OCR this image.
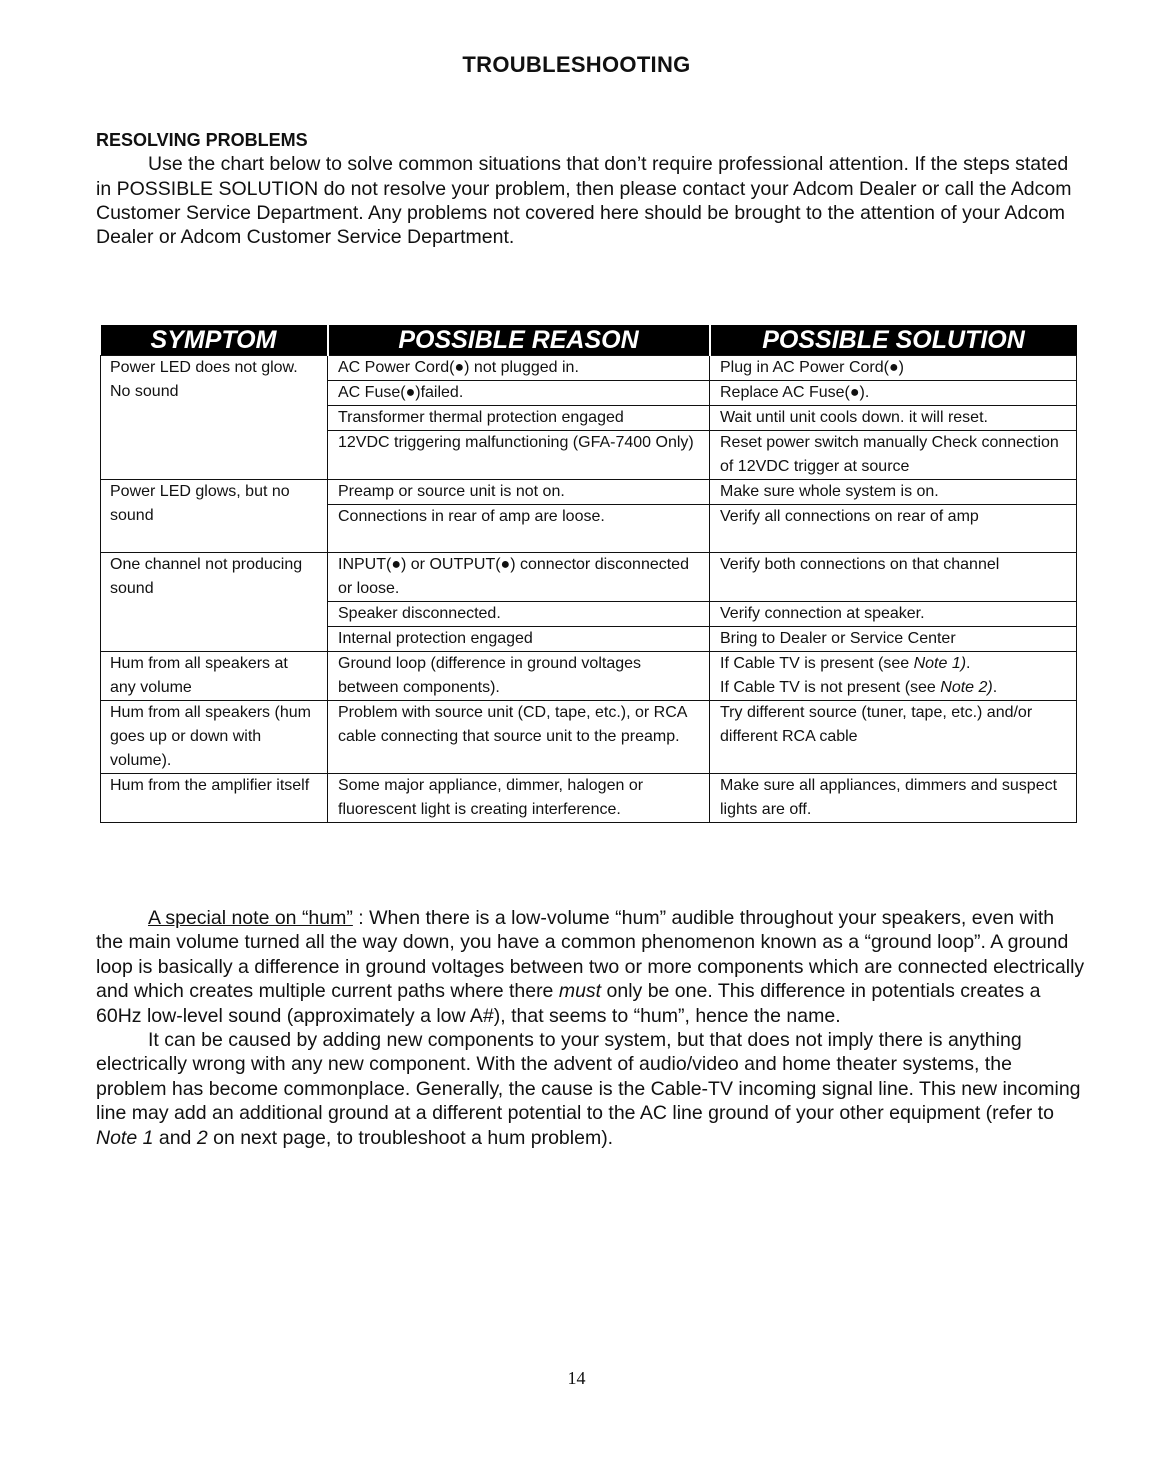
TROUBLESHOOTING
RESOLVING PROBLEMS

Use the chart below to solve common situations that don’t require professional attention. If the steps stated in POSSIBLE SOLUTION do not resolve your problem, then please contact your Adcom Dealer or call the Adcom Customer Service Department. Any problems not covered here should be brought to the attention of your Adcom Dealer or Adcom Customer Service Department.

SYMPTOM	POSSIBLE REASON	POSSIBLE SOLUTION
Power LED does not glow. No sound	AC Power Cord(●) not plugged in.	Plug in AC Power Cord(●)
	AC Fuse(●)failed.	Replace AC Fuse(●).
	Transformer thermal protection engaged	Wait until unit cools down. it will reset.
	12VDC triggering malfunctioning (GFA-7400 Only)	Reset power switch manually Check connection of 12VDC trigger at source
Power LED glows, but no sound	Preamp or source unit is not on.	Make sure whole system is on.
	Connections in rear of amp are loose.	Verify all connections on rear of amp
One channel not producing sound	INPUT(●) or OUTPUT(●) connector disconnected or loose.	Verify both connections on that channel
	Speaker disconnected.	Verify connection at speaker.
	Internal protection engaged	Bring to Dealer or Service Center
Hum from all speakers at any volume	Ground loop (difference in ground voltages between components).	If Cable TV is present (see Note 1).
If Cable TV is not present (see Note 2).
Hum from all speakers (hum goes up or down with volume).	Problem with source unit (CD, tape, etc.), or RCA cable connecting that source unit to the preamp.	Try different source (tuner, tape, etc.) and/or different RCA cable
Hum from the amplifier itself	Some major appliance, dimmer, halogen or fluorescent light is creating interference.	Make sure all appliances, dimmers and suspect lights are off.

A special note on “hum” : When there is a low-volume “hum” audible throughout your speakers, even with the main volume turned all the way down, you have a common phenomenon known as a “ground loop”. A ground loop is basically a difference in ground voltages between two or more components which are connected electrically and which creates multiple current paths where there must only be one. This difference in potentials creates a 60Hz low-level sound (approximately a low A#), that seems to “hum”, hence the name.

It can be caused by adding new components to your system, but that does not imply there is anything electrically wrong with any new component. With the advent of audio/video and home theater systems, the problem has become commonplace. Generally, the cause is the Cable-TV incoming signal line. This new incoming line may add an additional ground at a different potential to the AC line ground of your other equipment (refer to Note 1 and 2 on next page, to troubleshoot a hum problem).

14
